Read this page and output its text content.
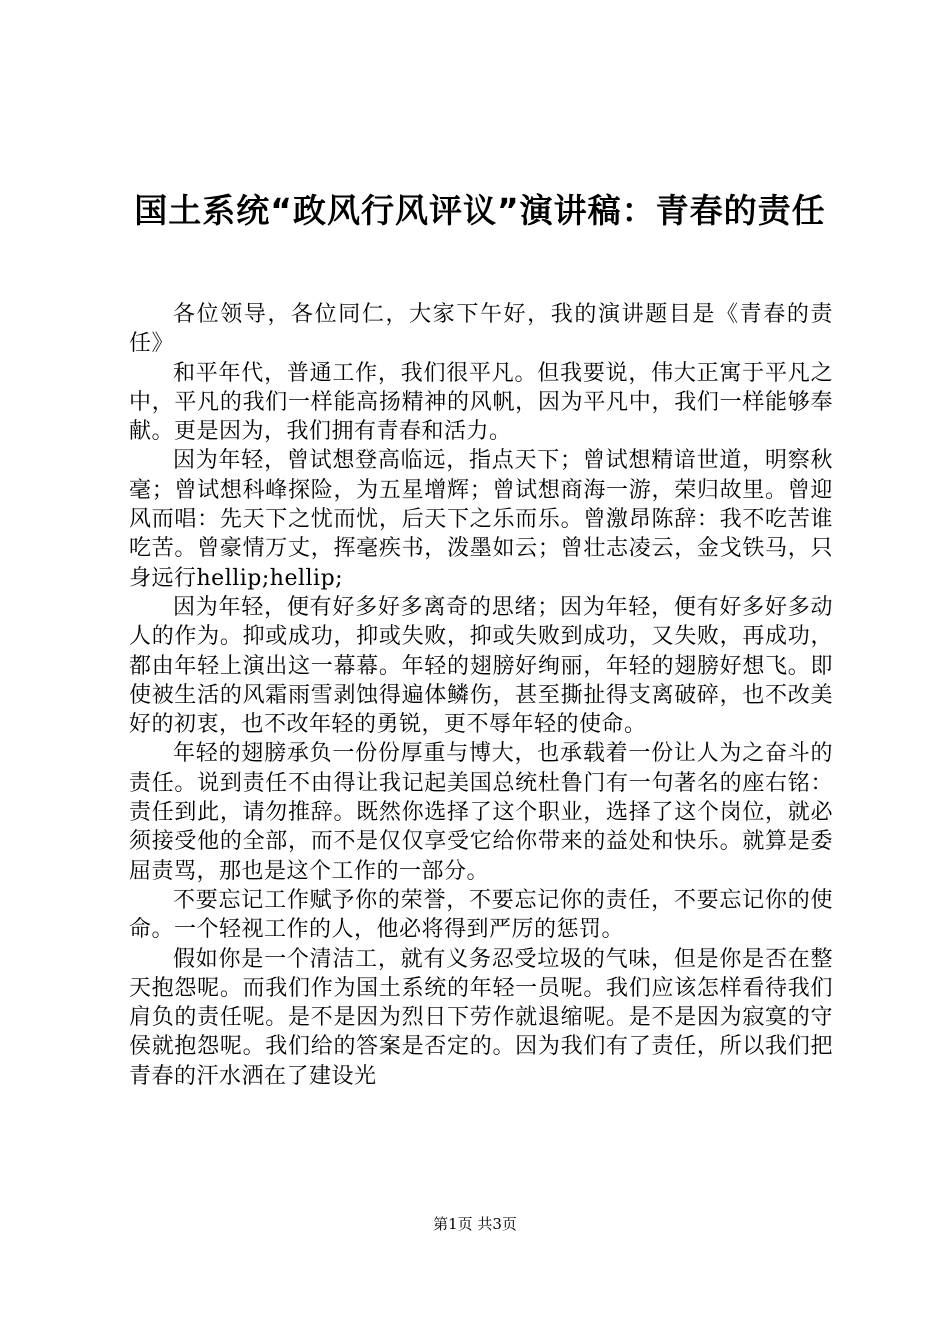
国土系统“政风行风评议”演讲稿：青春的责任

各位领导，各位同仁，大家下午好，我的演讲题目是《青春的责任》

和平年代，普通工作，我们很平凡。但我要说，伟大正寓于平凡之中，平凡的我们一样能高扬精神的风帆，因为平凡中，我们一样能够奉献。更是因为，我们拥有青春和活力。

因为年轻，曾试想登高临远，指点天下；曾试想精谙世道，明察秋毫；曾试想科峰探险，为五星增辉；曾试想商海一游，荣归故里。曾迎风而唱：先天下之忧而忧，后天下之乐而乐。曾激昂陈辞：我不吃苦谁吃苦。曾豪情万丈，挥毫疾书，泼墨如云；曾壮志凌云，金戈铁马，只身远行hellip;hellip;

因为年轻，便有好多好多离奇的思绪；因为年轻，便有好多好多动人的作为。抑或成功，抑或失败，抑或失败到成功，又失败，再成功，都由年轻上演出这一幕幕。年轻的翅膀好绚丽，年轻的翅膀好想飞。即使被生活的风霜雨雪剥蚀得遍体鳞伤，甚至撕扯得支离破碎，也不改美好的初衷，也不改年轻的勇锐，更不辱年轻的使命。

年轻的翅膀承负一份份厚重与博大，也承载着一份让人为之奋斗的责任。说到责任不由得让我记起美国总统杜鲁门有一句著名的座右铭：责任到此，请勿推辞。既然你选择了这个职业，选择了这个岗位，就必须接受他的全部，而不是仅仅享受它给你带来的益处和快乐。就算是委屈责骂，那也是这个工作的一部分。

不要忘记工作赋予你的荣誉，不要忘记你的责任，不要忘记你的使命。一个轻视工作的人，他必将得到严厉的惩罚。

假如你是一个清洁工，就有义务忍受垃圾的气味，但是你是否在整天抱怨呢。而我们作为国土系统的年轻一员呢。我们应该怎样看待我们肩负的责任呢。是不是因为烈日下劳作就退缩呢。是不是因为寂寞的守侯就抱怨呢。我们给的答案是否定的。因为我们有了责任，所以我们把青春的汗水洒在了建设光

第1页 共3页
